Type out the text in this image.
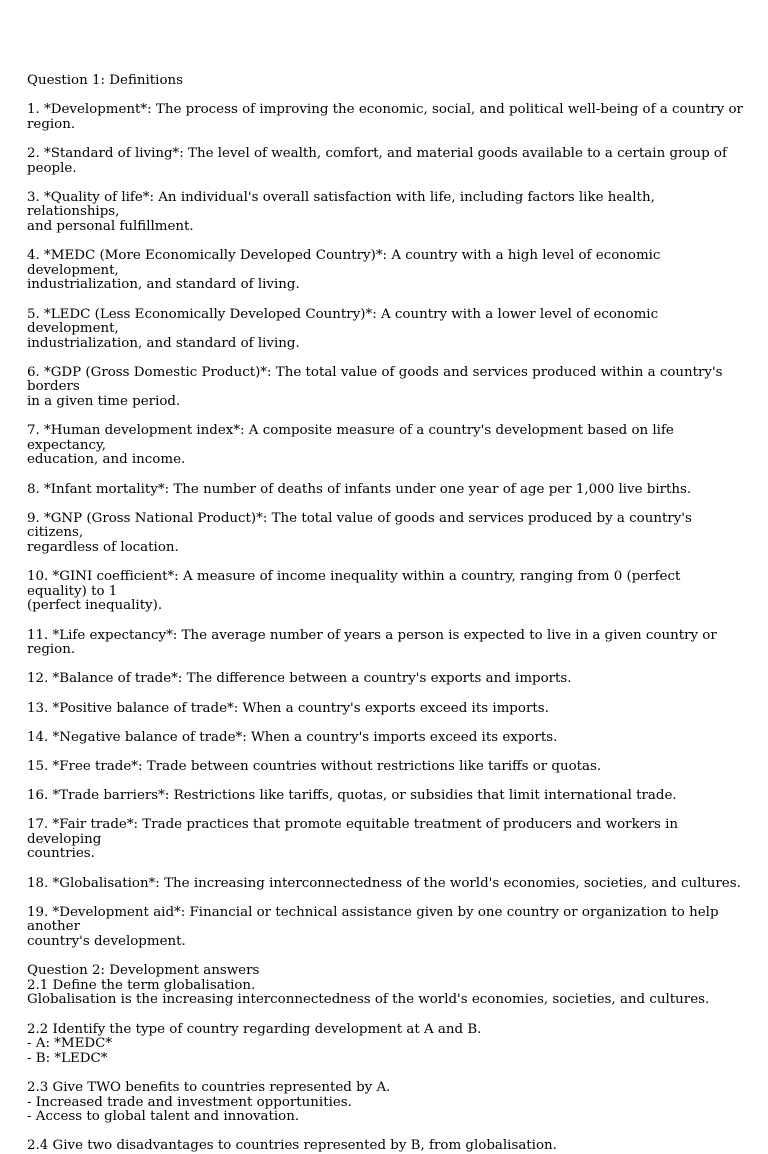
Question 1: Definitions
1. *Development*: The process of improving the economic, social, and political well-being of a country or
region.
2. *Standard of living*: The level of wealth, comfort, and material goods available to a certain group of people.
3. *Quality of life*: An individual's overall satisfaction with life, including factors like health, relationships,
and personal fulfillment.
4. *MEDC (More Economically Developed Country)*: A country with a high level of economic development,
industrialization, and standard of living.
5. *LEDC (Less Economically Developed Country)*: A country with a lower level of economic development,
industrialization, and standard of living.
6. *GDP (Gross Domestic Product)*: The total value of goods and services produced within a country's borders
in a given time period.
7. *Human development index*: A composite measure of a country's development based on life expectancy,
education, and income.
8. *Infant mortality*: The number of deaths of infants under one year of age per 1,000 live births.
9. *GNP (Gross National Product)*: The total value of goods and services produced by a country's citizens,
regardless of location.
10. *GINI coefficient*: A measure of income inequality within a country, ranging from 0 (perfect equality) to 1
(perfect inequality).
11. *Life expectancy*: The average number of years a person is expected to live in a given country or region.
12. *Balance of trade*: The difference between a country's exports and imports.
13. *Positive balance of trade*: When a country's exports exceed its imports.
14. *Negative balance of trade*: When a country's imports exceed its exports.
15. *Free trade*: Trade between countries without restrictions like tariffs or quotas.
16. *Trade barriers*: Restrictions like tariffs, quotas, or subsidies that limit international trade.
17. *Fair trade*: Trade practices that promote equitable treatment of producers and workers in developing
countries.
18. *Globalisation*: The increasing interconnectedness of the world's economies, societies, and cultures.
19. *Development aid*: Financial or technical assistance given by one country or organization to help another
country's development.
Question 2: Development answers
2.1 Define the term globalisation.
Globalisation is the increasing interconnectedness of the world's economies, societies, and cultures.
2.2 Identify the type of country regarding development at A and B.
- A: *MEDC*
- B: *LEDC*
2.3 Give TWO benefits to countries represented by A.
- Increased trade and investment opportunities.
- Access to global talent and innovation.
2.4 Give two disadvantages to countries represented by B, from globalisation.
